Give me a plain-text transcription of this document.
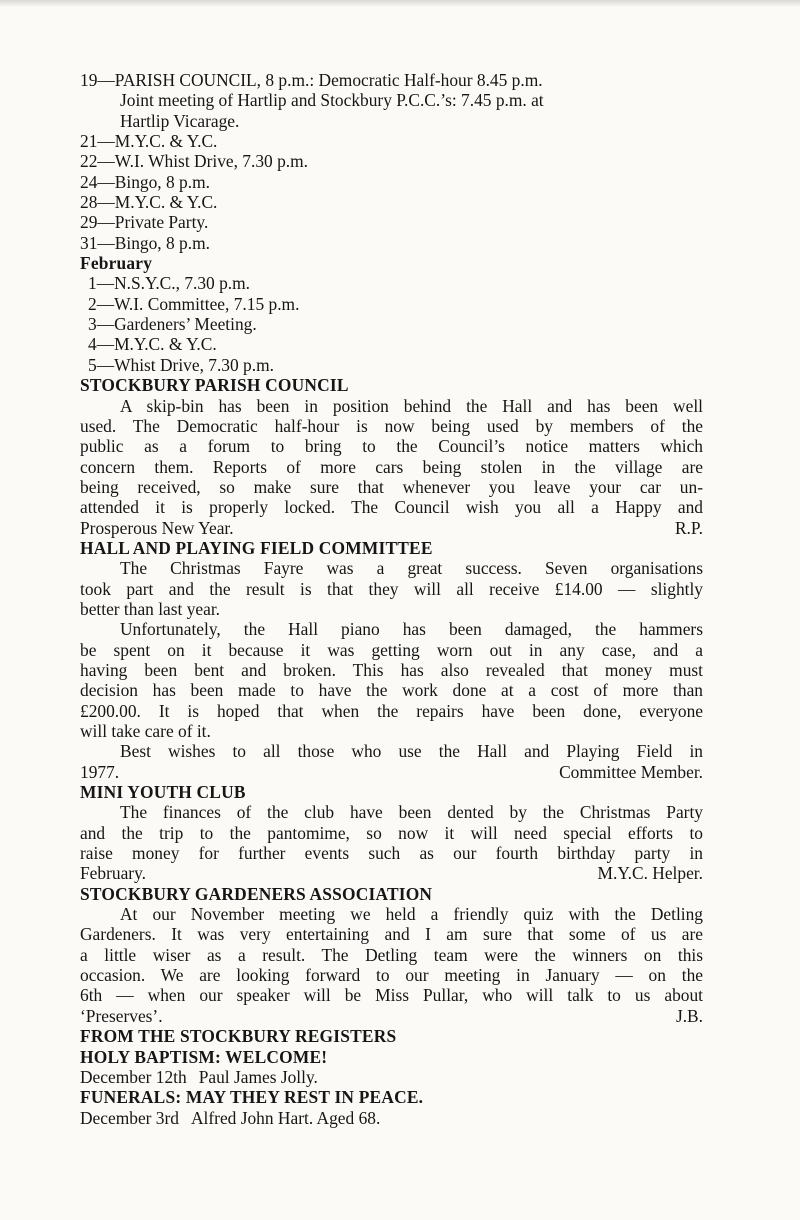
19—PARISH COUNCIL, 8 p.m.: Democratic Half-hour 8.45 p.m.
Joint meeting of Hartlip and Stockbury P.C.C.’s: 7.45 p.m. at
Hartlip Vicarage.
21—M.Y.C. & Y.C.
22—W.I. Whist Drive, 7.30 p.m.
24—Bingo, 8 p.m.
28—M.Y.C. & Y.C.
29—Private Party.
31—Bingo, 8 p.m.
February
1—N.S.Y.C., 7.30 p.m.
2—W.I. Committee, 7.15 p.m.
3—Gardeners’ Meeting.
4—M.Y.C. & Y.C.
5—Whist Drive, 7.30 p.m.
STOCKBURY PARISH COUNCIL

A skip-bin has been in position behind the Hall and has been well

used. The Democratic half-hour is now being used by members of the

public as a forum to bring to the Council’s notice matters which

concern them. Reports of more cars being stolen in the village are

being received, so make sure that whenever you leave your car un-

attended it is properly locked. The Council wish you all a Happy and

Prosperous New Year.	R.P.
HALL AND PLAYING FIELD COMMITTEE

The Christmas Fayre was a great success. Seven organisations

took part and the result is that they will all receive £14.00 — slightly

better than last year.

Unfortunately, the Hall piano has been damaged, the hammers

be spent on it because it was getting worn out in any case, and a

having been bent and broken. This has also revealed that money must

decision has been made to have the work done at a cost of more than

£200.00. It is hoped that when the repairs have been done, everyone

will take care of it.

Best wishes to all those who use the Hall and Playing Field in

1977.	Committee Member.
MINI YOUTH CLUB

The finances of the club have been dented by the Christmas Party

and the trip to the pantomime, so now it will need special efforts to

raise money for further events such as our fourth birthday party in

February.	M.Y.C. Helper.
STOCKBURY GARDENERS ASSOCIATION

At our November meeting we held a friendly quiz with the Detling

Gardeners. It was very entertaining and I am sure that some of us are

a little wiser as a result. The Detling team were the winners on this

occasion. We are looking forward to our meeting in January — on the

6th — when our speaker will be Miss Pullar, who will talk to us about

‘Preserves’.	J.B.
FROM THE STOCKBURY REGISTERS
HOLY BAPTISM: WELCOME!
December 12th Paul James Jolly.
FUNERALS: MAY THEY REST IN PEACE.
December 3rd Alfred John Hart. Aged 68.
